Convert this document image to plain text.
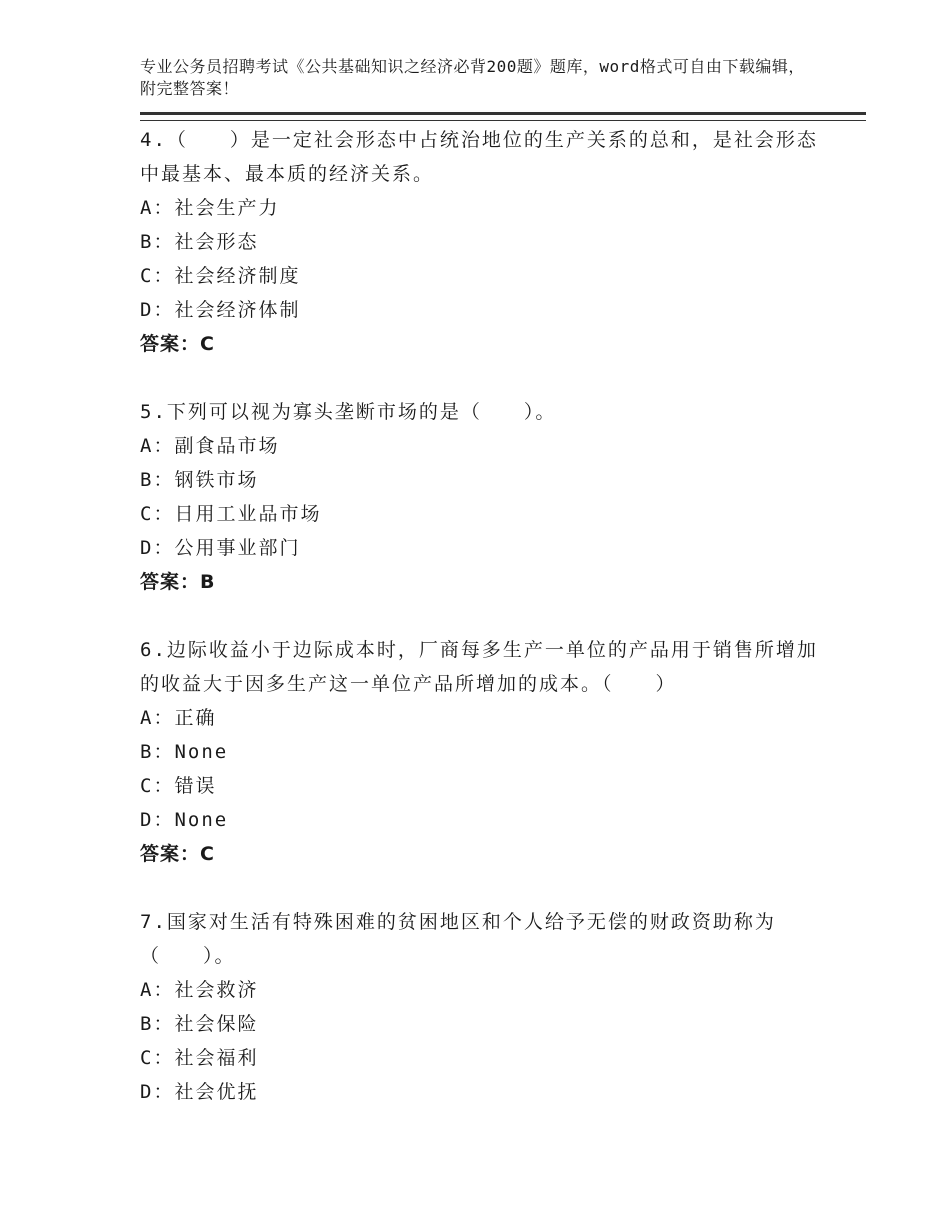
专业公务员招聘考试《公共基础知识之经济必背200题》题库，word格式可自由下载编辑，附完整答案！

4.（　　）是一定社会形态中占统治地位的生产关系的总和，是社会形态中最基本、最本质的经济关系。

A：社会生产力

B：社会形态

C：社会经济制度

D：社会经济体制

答案：C

5.下列可以视为寡头垄断市场的是（　　）。

A：副食品市场

B：钢铁市场

C：日用工业品市场

D：公用事业部门

答案：B

6.边际收益小于边际成本时，厂商每多生产一单位的产品用于销售所增加的收益大于因多生产这一单位产品所增加的成本。（　　）

A：正确

B：None

C：错误

D：None

答案：C

7.国家对生活有特殊困难的贫困地区和个人给予无偿的财政资助称为（　　）。

A：社会救济

B：社会保险

C：社会福利

D：社会优抚
